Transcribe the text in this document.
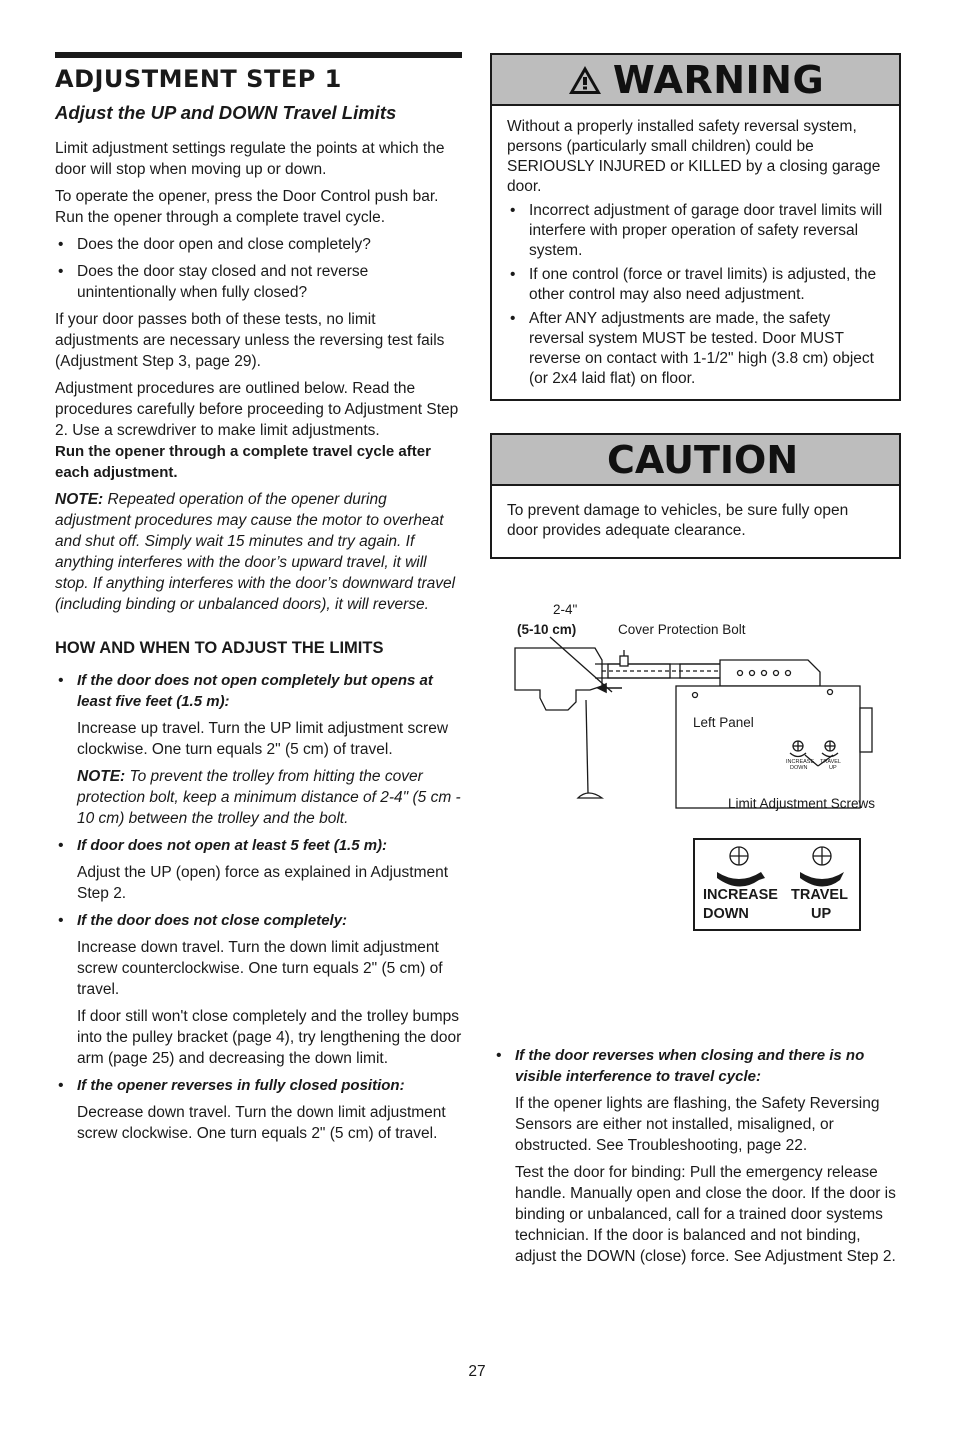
ADJUSTMENT STEP 1
Adjust the UP and DOWN Travel Limits

Limit adjustment settings regulate the points at which the door will stop when moving up or down.

To operate the opener, press the Door Control push bar. Run the opener through a complete travel cycle.

• Does the door open and close completely?
• Does the door stay closed and not reverse unintentionally when fully closed?

If your door passes both of these tests, no limit adjustments are necessary unless the reversing test fails (Adjustment Step 3, page 29).

Adjustment procedures are outlined below. Read the procedures carefully before proceeding to Adjustment Step 2. Use a screwdriver to make limit adjustments.

Run the opener through a complete travel cycle after each adjustment.

NOTE: Repeated operation of the opener during adjustment procedures may cause the motor to overheat and shut off. Simply wait 15 minutes and try again. If anything interferes with the door’s upward travel, it will stop. If anything interferes with the door’s downward travel (including binding or unbalanced doors), it will reverse.

HOW AND WHEN TO ADJUST THE LIMITS
• If the door does not open completely but opens at least five feet (1.5 m):

Increase up travel. Turn the UP limit adjustment screw clockwise. One turn equals 2" (5 cm) of travel.

NOTE: To prevent the trolley from hitting the cover protection bolt, keep a minimum distance of 2-4" (5 cm - 10 cm) between the trolley and the bolt.

• If door does not open at least 5 feet (1.5 m):

Adjust the UP (open) force as explained in Adjustment Step 2.

• If the door does not close completely:

Increase down travel. Turn the down limit adjustment screw counterclockwise. One turn equals 2" (5 cm) of travel.

If door still won't close completely and the trolley bumps into the pulley bracket (page 4), try lengthening the door arm (page 25) and decreasing the down limit.

• If the opener reverses in fully closed position:

Decrease down travel. Turn the down limit adjustment screw clockwise. One turn equals 2" (5 cm) of travel.

WARNING

Without a properly installed safety reversal system, persons (particularly small children) could be SERIOUSLY INJURED or KILLED by a closing garage door.

• Incorrect adjustment of garage door travel limits will interfere with proper operation of safety reversal system.
• If one control (force or travel limits) is adjusted, the other control may also need adjustment.
• After ANY adjustments are made, the safety reversal system MUST be tested. Door MUST reverse on contact with 1-1/2" high (3.8 cm) object (or 2x4 laid flat) on floor.
CAUTION
To prevent damage to vehicles, be sure fully open door provides adequate clearance.
INCREASE
DOWN
TRAVEL
UP
2-4"
(5-10 cm)	Cover Protection Bolt
Left Panel
Limit Adjustment Screws
INCREASE TRAVEL
DOWN	UP
• If the door reverses when closing and there is no visible interference to travel cycle:

If the opener lights are flashing, the Safety Reversing Sensors are either not installed, misaligned, or obstructed. See Troubleshooting, page 22.

Test the door for binding: Pull the emergency release handle. Manually open and close the door. If the door is binding or unbalanced, call for a trained door systems technician. If the door is balanced and not binding, adjust the DOWN (close) force. See Adjustment Step 2.

27
